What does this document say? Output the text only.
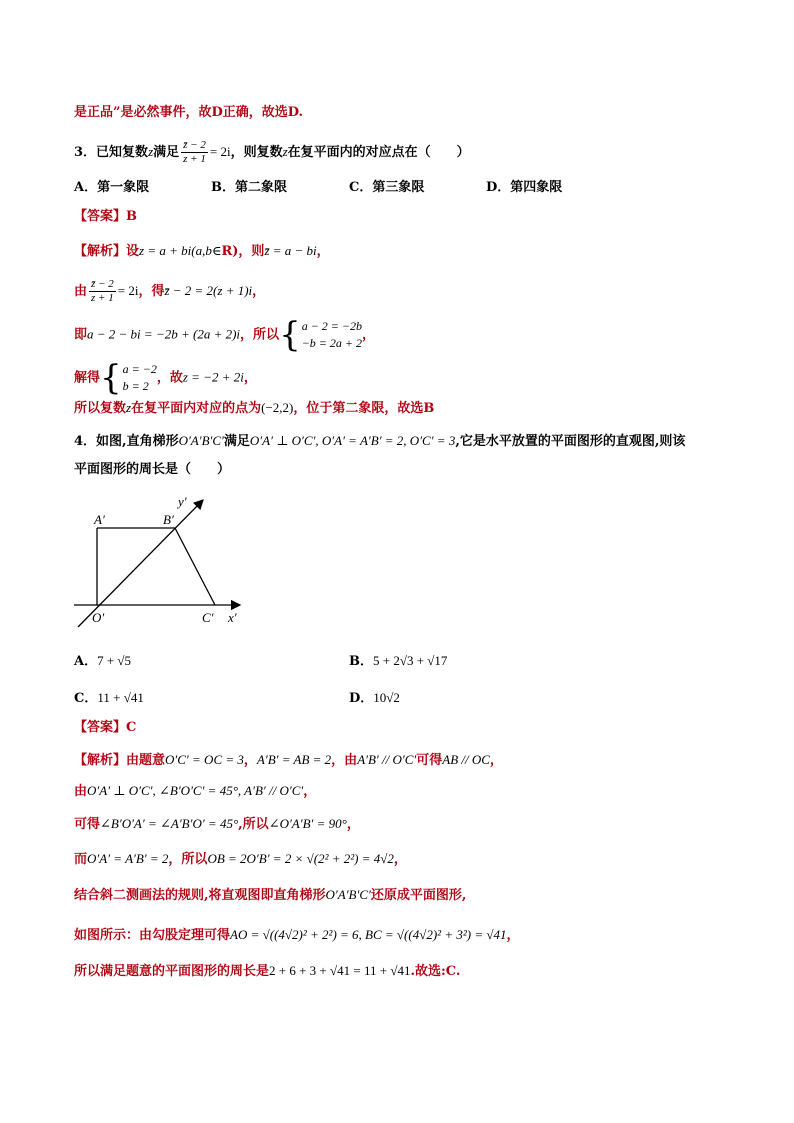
是正品”是必然事件，故D正确，故选D.
3．已知复数z满足 $\frac{z̄ - 2}{z + 1} = 2i$，则复数z在复平面内的对应点在（　　）
A．第一象限	B．第二象限	C．第三象限	D．第四象限
【答案】B
【解析】设z = a + bi(a,b∈R)，则z̄ = a − bi，
由 $\frac{z̄ - 2}{z + 1} = 2i$，得z̄ − 2 = 2(z + 1)i，
即a − 2 − bi = −2b + (2a + 2)i，所以 { a − 2 = −2b
−b = 2a + 2
，
解得 { a = −2
b = 2
，故z = −2 + 2i，
所以复数z在复平面内对应的点为(−2,2)，位于第二象限，故选B
4．如图,直角梯形O′A′B′C′满足O′A′ ⊥ O′C′, O′A′ = A′B′ = 2, O′C′ = 3,它是水平放置的平面图形的直观图,则该
平面图形的周长是（　　）
A′	B′
y′
O′	C′ x′
A．7 + √5	B．5 + 2√3 + √17
C．11 + √41	D．10√2
【答案】C
【解析】由题意O′C′ = OC = 3，A′B′ = AB = 2，由A′B′ // O′C′可得AB // OC，
由O′A′ ⊥ O′C′, ∠B′O′C′ = 45°, A′B′ // O′C′，
可得∠B′O′A′ = ∠A′B′O′ = 45°,所以∠O′A′B′ = 90°，
而O′A′ = A′B′ = 2，所以OB = 2O′B′ = 2 × √(2² + 2²) = 4√2，
结合斜二测画法的规则,将直观图即直角梯形O′A′B′C′还原成平面图形,
如图所示：由勾股定理可得AO = √((4√2)² + 2²) = 6, BC = √((4√2)² + 3²) = √41，
所以满足题意的平面图形的周长是2 + 6 + 3 + √41 = 11 + √41.故选:C.
